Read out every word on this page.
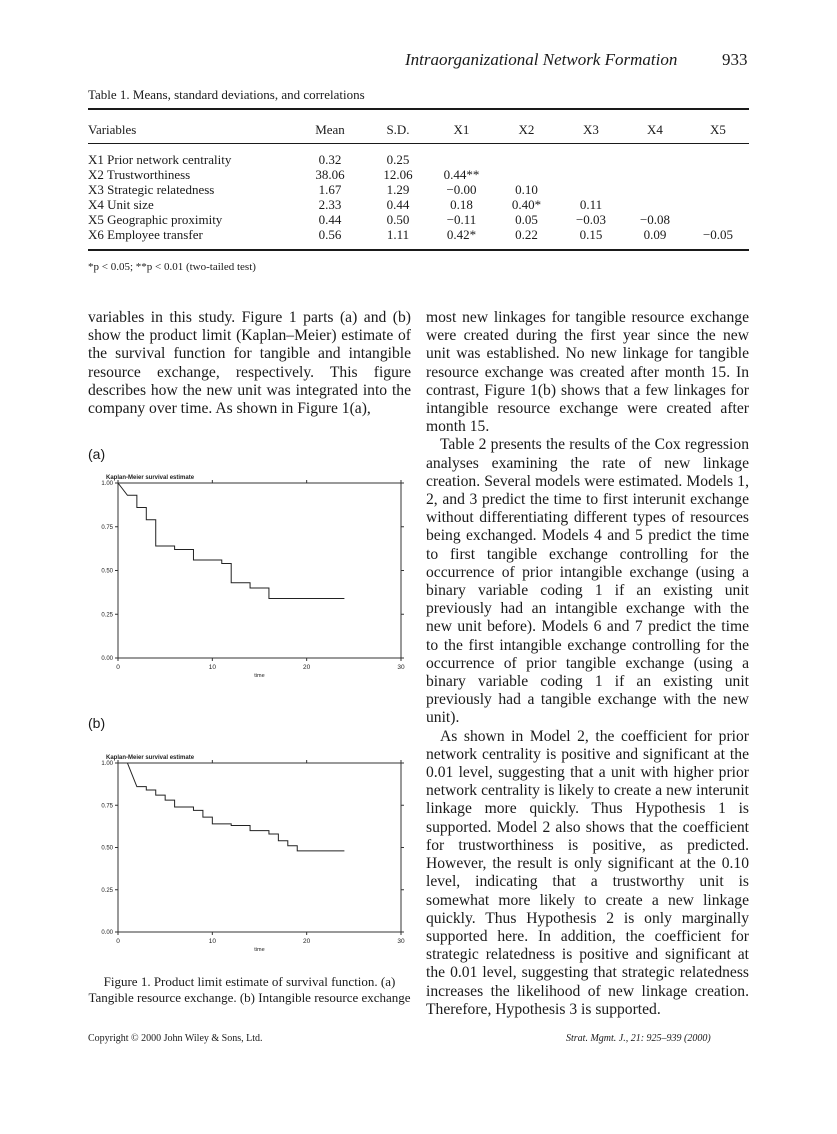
Intraorganizational Network Formation	933
Table 1. Means, standard deviations, and correlations
Variables	Mean	S.D.	X1	X2	X3	X4	X5
X1 Prior network centrality	0.32	0.25					
X2 Trustworthiness	38.06	12.06	0.44**				
X3 Strategic relatedness	1.67	1.29	−0.00	0.10			
X4 Unit size	2.33	0.44	0.18	0.40*	0.11		
X5 Geographic proximity	0.44	0.50	−0.11	0.05	−0.03	−0.08	
X6 Employee transfer	0.56	1.11	0.42*	0.22	0.15	0.09	−0.05
*p < 0.05; **p < 0.01 (two-tailed test)

variables in this study. Figure 1 parts (a) and (b) show the product limit (Kaplan–Meier) estimate of the survival function for tangible and intangible resource exchange, respectively. This figure describes how the new unit was integrated into the company over time. As shown in Figure 1(a),

(a)
Kaplan-Meier survival estimate
0.00
0.25
0.50
0.75
1.00
0	10	20	30
time
(b)
Kaplan-Meier survival estimate
0.00
0.25
0.50
0.75
1.00
0	10	20	30
time
Figure 1. Product limit estimate of survival function. (a) Tangible resource exchange. (b) Intangible resource exchange

most new linkages for tangible resource exchange were created during the first year since the new unit was established. No new linkage for tangible resource exchange was created after month 15. In contrast, Figure 1(b) shows that a few linkages for intangible resource exchange were created after month 15.

Table 2 presents the results of the Cox regression analyses examining the rate of new linkage creation. Several models were estimated. Models 1, 2, and 3 predict the time to first interunit exchange without differentiating different types of resources being exchanged. Models 4 and 5 predict the time to first tangible exchange controlling for the occurrence of prior intangible exchange (using a binary variable coding 1 if an existing unit previously had an intangible exchange with the new unit before). Models 6 and 7 predict the time to the first intangible exchange controlling for the occurrence of prior tangible exchange (using a binary variable coding 1 if an existing unit previously had a tangible exchange with the new unit).

As shown in Model 2, the coefficient for prior network centrality is positive and significant at the 0.01 level, suggesting that a unit with higher prior network centrality is likely to create a new interunit linkage more quickly. Thus Hypothesis 1 is supported. Model 2 also shows that the coefficient for trustworthiness is positive, as predicted. However, the result is only significant at the 0.10 level, indicating that a trustworthy unit is somewhat more likely to create a new linkage quickly. Thus Hypothesis 2 is only marginally supported here. In addition, the coefficient for strategic relatedness is positive and significant at the 0.01 level, suggesting that strategic relatedness increases the likelihood of new linkage creation. Therefore, Hypothesis 3 is supported.

Copyright © 2000 John Wiley & Sons, Ltd.	Strat. Mgmt. J., 21: 925–939 (2000)
